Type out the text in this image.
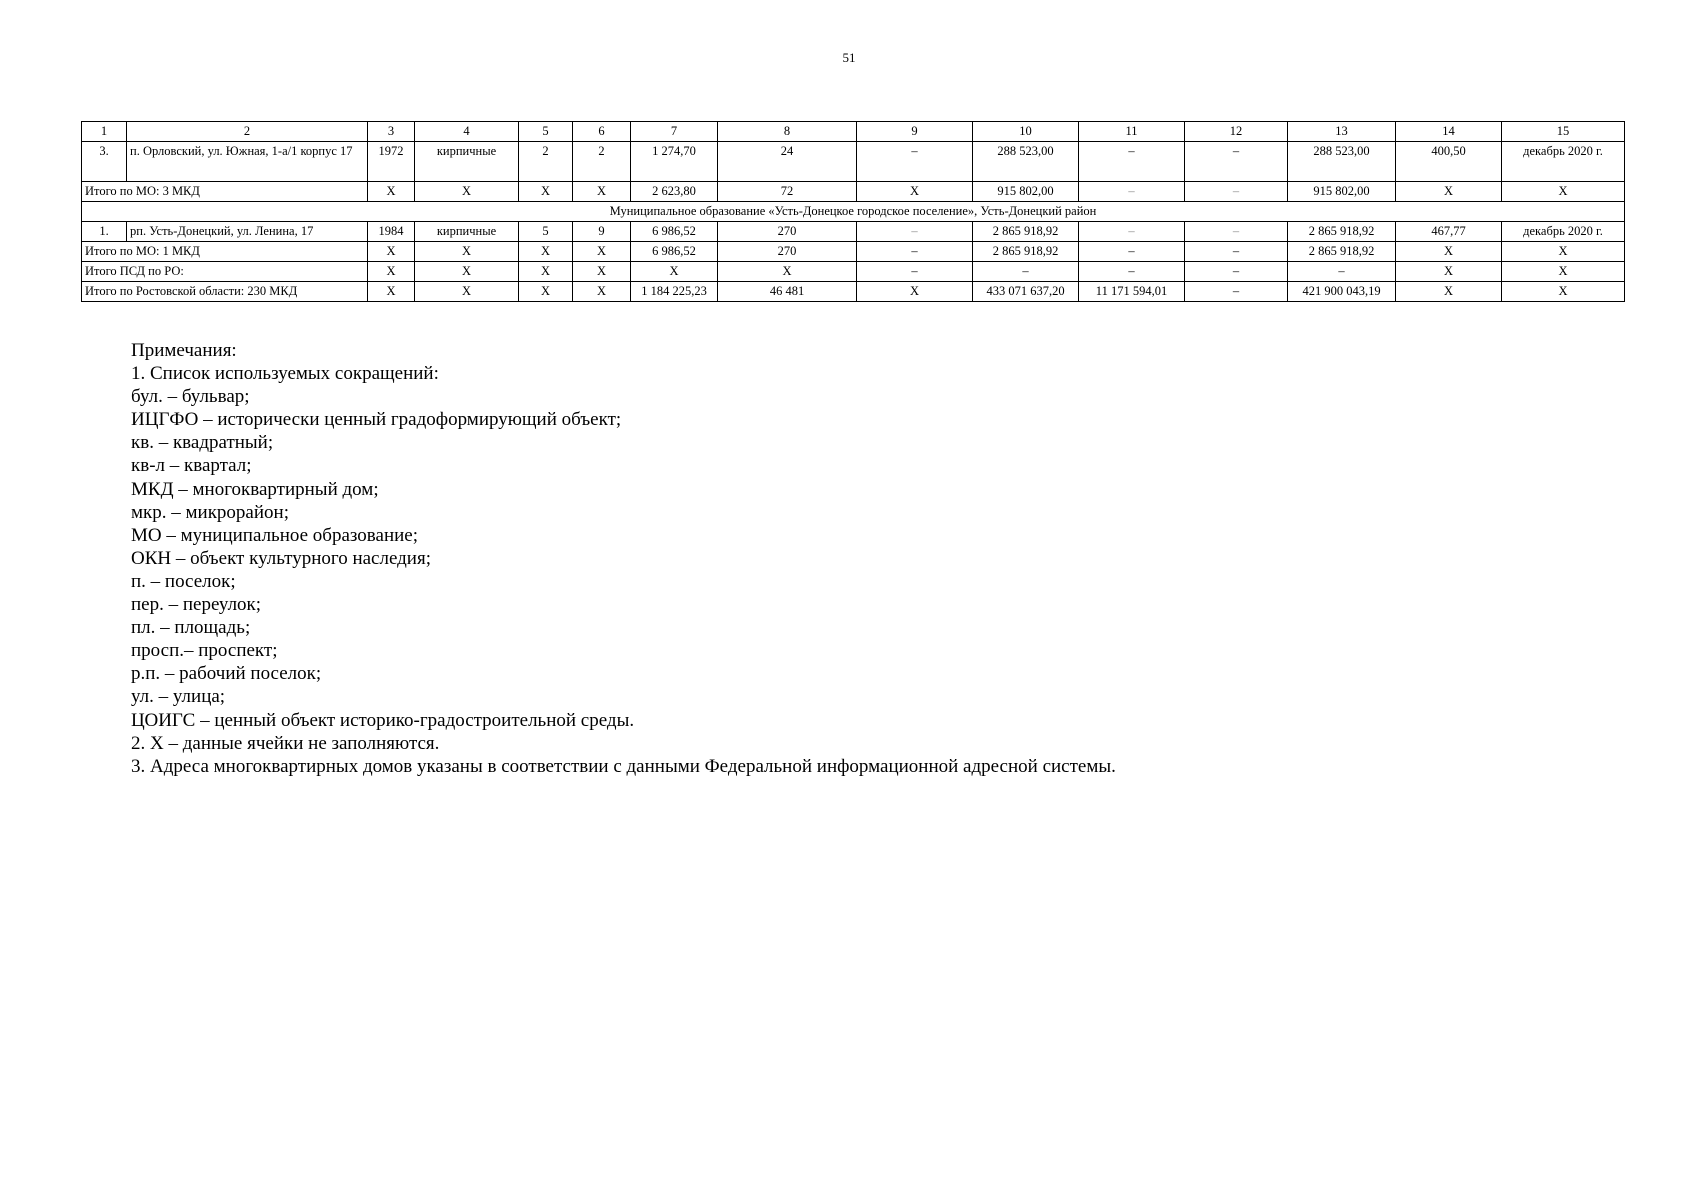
51
1	2	3	4	5	6	7	8	9	10	11	12	13	14	15
3.	п. Орловский, ул. Южная, 1-а/1 корпус 17	1972	кирпичные	2	2	1 274,70	24	–	288 523,00	–	–	288 523,00	400,50	декабрь 2020 г.
Итого по МО: 3 МКД		X	X	X	X	2 623,80	72	X	915 802,00	–	–	915 802,00	X	X
Муниципальное образование «Усть-Донецкое городское поселение», Усть-Донецкий район														
1.	рп. Усть-Донецкий, ул. Ленина, 17	1984	кирпичные	5	9	6 986,52	270	–	2 865 918,92	–	–	2 865 918,92	467,77	декабрь 2020 г.
Итого по МО: 1 МКД		X	X	X	X	6 986,52	270	–	2 865 918,92	–	–	2 865 918,92	X	X
Итого ПСД по РО:		X	X	X	X	X	X	–	–	–	–	–	X	X
Итого по Ростовской области: 230 МКД		X	X	X	X	1 184 225,23	46 481	X	433 071 637,20	11 171 594,01	–	421 900 043,19	X	X
Примечания:
1. Список используемых сокращений:
бул. – бульвар;
ИЦГФО – исторически ценный градоформирующий объект;
кв. – квадратный;
кв-л – квартал;
МКД – многоквартирный дом;
мкр. – микрорайон;
МО – муниципальное образование;
ОКН – объект культурного наследия;
п. – поселок;
пер. – переулок;
пл. – площадь;
просп.– проспект;
р.п. – рабочий поселок;
ул. – улица;
ЦОИГС – ценный объект историко-градостроительной среды.
2. X – данные ячейки не заполняются.
3. Адреса многоквартирных домов указаны в соответствии с данными Федеральной информационной адресной системы.
